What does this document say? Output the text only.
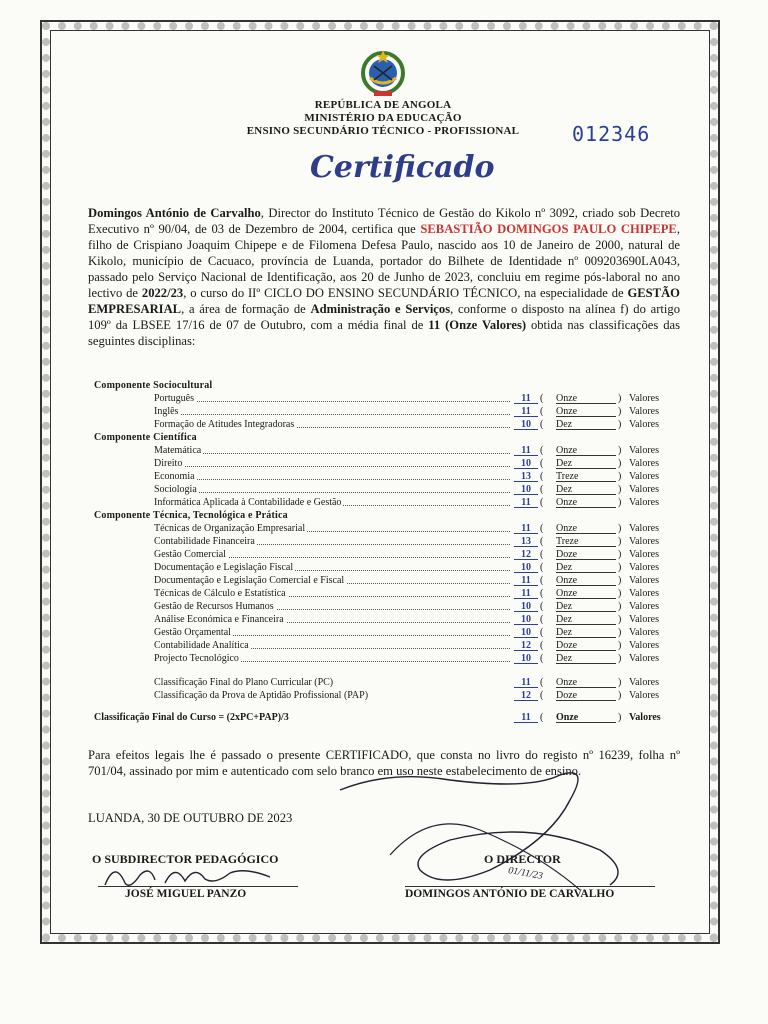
REPÚBLICA DE ANGOLA
MINISTÉRIO DA EDUCAÇÃO
ENSINO SECUNDÁRIO TÉCNICO - PROFISSIONAL	012346
Certificado
Domingos António de Carvalho, Director do Instituto Técnico de Gestão do Kikolo nº 3092, criado sob Decreto Executivo nº 90/04, de 03 de Dezembro de 2004, certifica que SEBASTIÃO DOMINGOS PAULO CHIPEPE, filho de Crispiano Joaquim Chipepe e de Filomena Defesa Paulo, nascido aos 10 de Janeiro de 2000, natural de Kikolo, município de Cacuaco, província de Luanda, portador do Bilhete de Identidade nº 009203690LA043, passado pelo Serviço Nacional de Identificação, aos 20 de Junho de 2023, concluiu em regime pós-laboral no ano lectivo de 2022/23, o curso do IIº CICLO DO ENSINO SECUNDÁRIO TÉCNICO, na especialidade de GESTÃO EMPRESARIAL, a área de formação de Administração e Serviços, conforme o disposto na alínea f) do artigo 109º da LBSEE 17/16 de 07 de Outubro, com a média final de 11 (Onze Valores) obtida nas classificações das seguintes disciplinas:
Componente Sociocultural
Português	11 ( Onze	) Valores
Inglês	11 ( Onze	) Valores
Formação de Atitudes Integradoras	10 ( Dez	) Valores
Componente Científica
Matemática	11 ( Onze	) Valores
Direito	10 ( Dez	) Valores
Economia	13 ( Treze	) Valores
Sociologia	10 ( Dez	) Valores
Informática Aplicada à Contabilidade e Gestão	11 ( Onze	) Valores
Componente Técnica, Tecnológica e Prática
Técnicas de Organização Empresarial	11 ( Onze	) Valores
Contabilidade Financeira	13 ( Treze	) Valores
Gestão Comercial	12 ( Doze	) Valores
Documentação e Legislação Fiscal	10 ( Dez	) Valores
Documentação e Legislação Comercial e Fiscal	11 ( Onze	) Valores
Técnicas de Cálculo e Estatística	11 ( Onze	) Valores
Gestão de Recursos Humanos	10 ( Dez	) Valores
Análise Económica e Financeira	10 ( Dez	) Valores
Gestão Orçamental	10 ( Dez	) Valores
Contabilidade Analítica	12 ( Doze	) Valores
Projecto Tecnológico	10 ( Dez	) Valores
Classificação Final do Plano Curricular (PC)	11 ( Onze	) Valores
Classificação da Prova de Aptidão Profissional (PAP)	12 ( Doze	) Valores
Classificação Final do Curso = (2xPC+PAP)/3	11 ( Onze	) Valores
Para efeitos legais lhe é passado o presente CERTIFICADO, que consta no livro do registo nº 16239, folha nº 701/04, assinado por mim e autenticado com selo branco em uso neste estabelecimento de ensino.
LUANDA, 30 DE OUTUBRO DE 2023
O SUBDIRECTOR PEDAGÓGICO
JOSÉ MIGUEL PANZO
O DIRECTOR
DOMINGOS ANTÓNIO DE CARVALHO
01/11/23
